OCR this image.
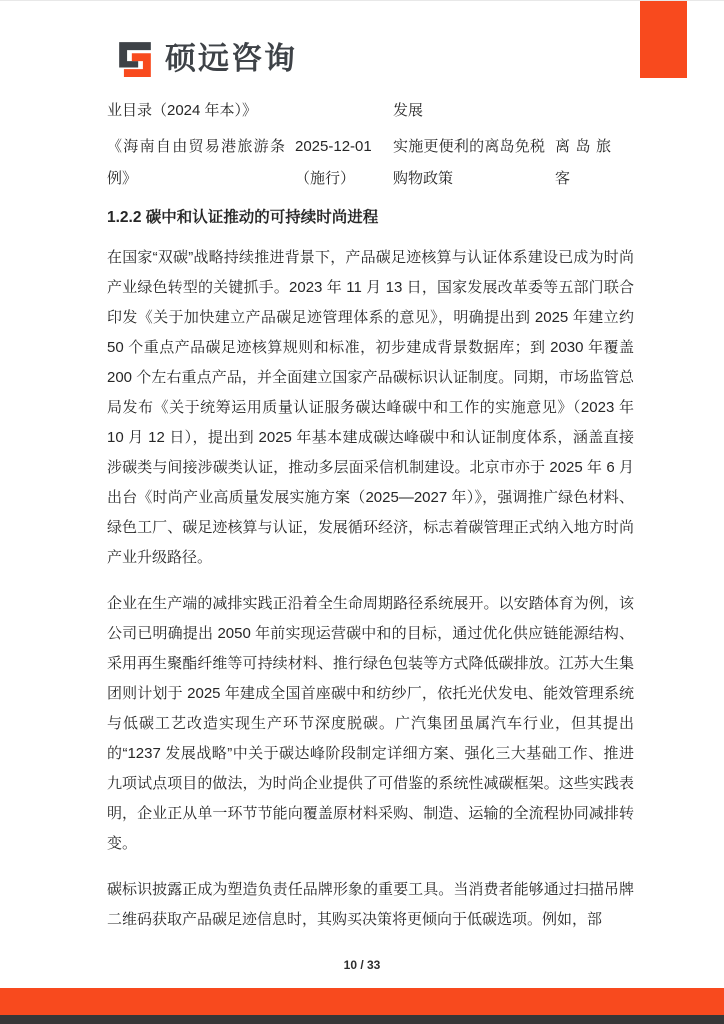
硕远咨询
业目录（2024 年本）》	发展
《海南自由贸易港旅游条例》
2025-12-01（施行）
实施更便利的离岛免税购物政策
离岛旅客
1.2.2 碳中和认证推动的可持续时尚进程

在国家“双碳”战略持续推进背景下，产品碳足迹核算与认证体系建设已成为时尚产业绿色转型的关键抓手。2023 年 11 月 13 日，国家发展改革委等五部门联合印发《关于加快建立产品碳足迹管理体系的意见》，明确提出到 2025 年建立约 50 个重点产品碳足迹核算规则和标准，初步建成背景数据库；到 2030 年覆盖 200 个左右重点产品，并全面建立国家产品碳标识认证制度。同期，市场监管总局发布《关于统筹运用质量认证服务碳达峰碳中和工作的实施意见》（2023 年 10 月 12 日），提出到 2025 年基本建成碳达峰碳中和认证制度体系，涵盖直接涉碳类与间接涉碳类认证，推动多层面采信机制建设。北京市亦于 2025 年 6 月出台《时尚产业高质量发展实施方案（2025—2027 年）》，强调推广绿色材料、绿色工厂、碳足迹核算与认证，发展循环经济，标志着碳管理正式纳入地方时尚产业升级路径。

企业在生产端的减排实践正沿着全生命周期路径系统展开。以安踏体育为例，该公司已明确提出 2050 年前实现运营碳中和的目标，通过优化供应链能源结构、采用再生聚酯纤维等可持续材料、推行绿色包装等方式降低碳排放。江苏大生集团则计划于 2025 年建成全国首座碳中和纺纱厂，依托光伏发电、能效管理系统与低碳工艺改造实现生产环节深度脱碳。广汽集团虽属汽车行业，但其提出的“1237 发展战略”中关于碳达峰阶段制定详细方案、强化三大基础工作、推进九项试点项目的做法，为时尚企业提供了可借鉴的系统性减碳框架。这些实践表明，企业正从单一环节节能向覆盖原材料采购、制造、运输的全流程协同减排转变。

碳标识披露正成为塑造负责任品牌形象的重要工具。当消费者能够通过扫描吊牌二维码获取产品碳足迹信息时，其购买决策将更倾向于低碳选项。例如，部

10 / 33
